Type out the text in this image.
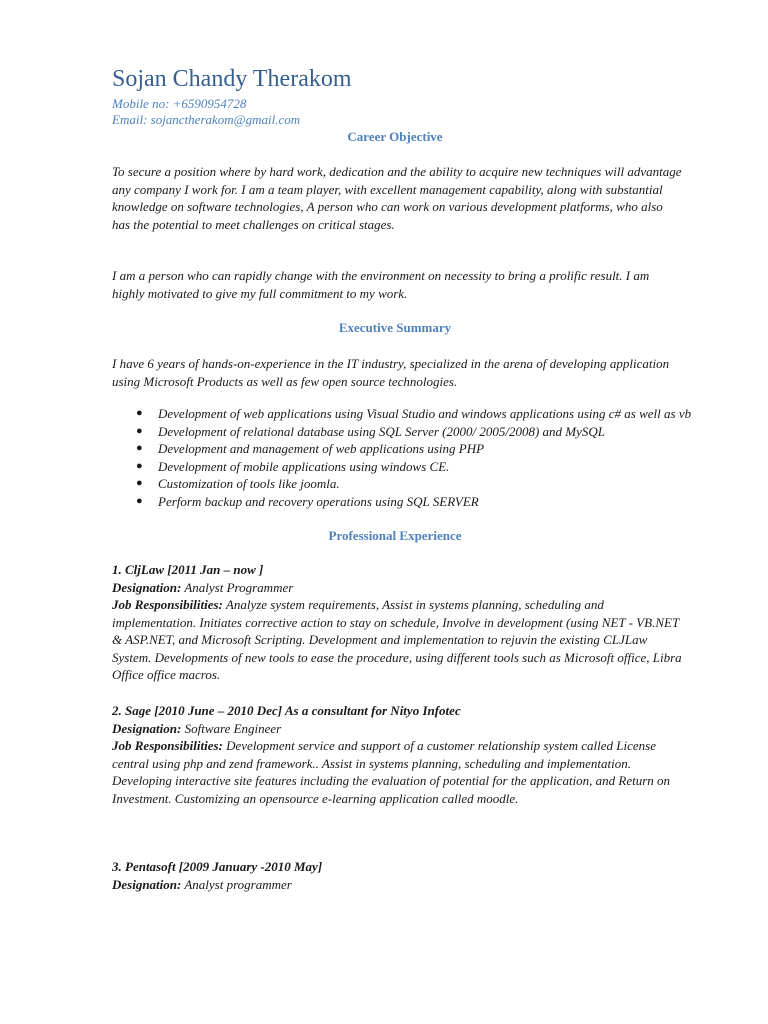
Sojan Chandy Therakom
Mobile no: +6590954728
Email: sojanctherakom@gmail.com
Career Objective
To secure a position where by hard work, dedication and the ability to acquire new techniques will advantage any company I work for. I am a team player, with excellent management capability, along with substantial knowledge on software technologies, A person who can work on various development platforms, who also has the potential to meet challenges on critical stages.
I am a person who can rapidly change with the environment on necessity to bring a prolific result. I am highly motivated to give my full commitment to my work.
Executive Summary
I have 6 years of hands-on-experience in the IT industry, specialized in the arena of developing application using Microsoft Products as well as few open source technologies.
● Development of web applications using Visual Studio and windows applications using c# as well as vb
● Development of relational database using SQL Server (2000/ 2005/2008) and MySQL
● Development and management of web applications using PHP
● Development of mobile applications using windows CE.
● Customization of tools like joomla.
● Perform backup and recovery operations using SQL SERVER
Professional Experience
1. CljLaw [2011 Jan – now ]
Designation: Analyst Programmer
Job Responsibilities: Analyze system requirements, Assist in systems planning, scheduling and implementation. Initiates corrective action to stay on schedule, Involve in development (using NET - VB.NET & ASP.NET, and Microsoft Scripting. Development and implementation to rejuvin the existing CLJLaw System. Developments of new tools to ease the procedure, using different tools such as Microsoft office, Libra Office office macros.
2. Sage [2010 June – 2010 Dec] As a consultant for Nityo Infotec
Designation: Software Engineer
Job Responsibilities: Development service and support of a customer relationship system called License central using php and zend framework.. Assist in systems planning, scheduling and implementation. Developing interactive site features including the evaluation of potential for the application, and Return on Investment. Customizing an opensource e-learning application called moodle.
3. Pentasoft [2009 January -2010 May]
Designation: Analyst programmer
